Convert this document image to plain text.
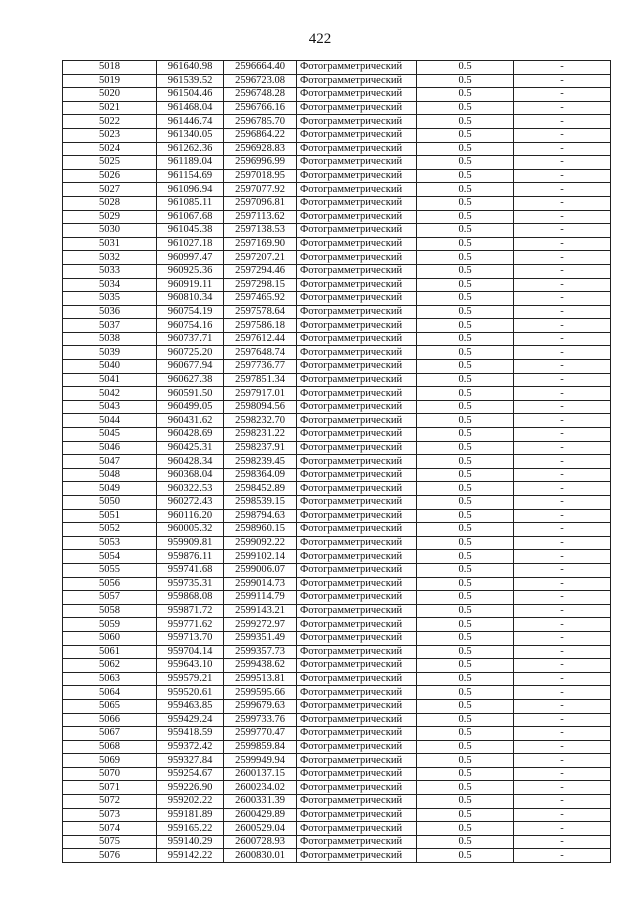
422
5018	961640.98	2596664.40	Фотограмметрический	0.5	-
5019	961539.52	2596723.08	Фотограмметрический	0.5	-
5020	961504.46	2596748.28	Фотограмметрический	0.5	-
5021	961468.04	2596766.16	Фотограмметрический	0.5	-
5022	961446.74	2596785.70	Фотограмметрический	0.5	-
5023	961340.05	2596864.22	Фотограмметрический	0.5	-
5024	961262.36	2596928.83	Фотограмметрический	0.5	-
5025	961189.04	2596996.99	Фотограмметрический	0.5	-
5026	961154.69	2597018.95	Фотограмметрический	0.5	-
5027	961096.94	2597077.92	Фотограмметрический	0.5	-
5028	961085.11	2597096.81	Фотограмметрический	0.5	-
5029	961067.68	2597113.62	Фотограмметрический	0.5	-
5030	961045.38	2597138.53	Фотограмметрический	0.5	-
5031	961027.18	2597169.90	Фотограмметрический	0.5	-
5032	960997.47	2597207.21	Фотограмметрический	0.5	-
5033	960925.36	2597294.46	Фотограмметрический	0.5	-
5034	960919.11	2597298.15	Фотограмметрический	0.5	-
5035	960810.34	2597465.92	Фотограмметрический	0.5	-
5036	960754.19	2597578.64	Фотограмметрический	0.5	-
5037	960754.16	2597586.18	Фотограмметрический	0.5	-
5038	960737.71	2597612.44	Фотограмметрический	0.5	-
5039	960725.20	2597648.74	Фотограмметрический	0.5	-
5040	960677.94	2597736.77	Фотограмметрический	0.5	-
5041	960627.38	2597851.34	Фотограмметрический	0.5	-
5042	960591.50	2597917.01	Фотограмметрический	0.5	-
5043	960499.05	2598094.56	Фотограмметрический	0.5	-
5044	960431.62	2598232.70	Фотограмметрический	0.5	-
5045	960428.69	2598231.22	Фотограмметрический	0.5	-
5046	960425.31	2598237.91	Фотограмметрический	0.5	-
5047	960428.34	2598239.45	Фотограмметрический	0.5	-
5048	960368.04	2598364.09	Фотограмметрический	0.5	-
5049	960322.53	2598452.89	Фотограмметрический	0.5	-
5050	960272.43	2598539.15	Фотограмметрический	0.5	-
5051	960116.20	2598794.63	Фотограмметрический	0.5	-
5052	960005.32	2598960.15	Фотограмметрический	0.5	-
5053	959909.81	2599092.22	Фотограмметрический	0.5	-
5054	959876.11	2599102.14	Фотограмметрический	0.5	-
5055	959741.68	2599006.07	Фотограмметрический	0.5	-
5056	959735.31	2599014.73	Фотограмметрический	0.5	-
5057	959868.08	2599114.79	Фотограмметрический	0.5	-
5058	959871.72	2599143.21	Фотограмметрический	0.5	-
5059	959771.62	2599272.97	Фотограмметрический	0.5	-
5060	959713.70	2599351.49	Фотограмметрический	0.5	-
5061	959704.14	2599357.73	Фотограмметрический	0.5	-
5062	959643.10	2599438.62	Фотограмметрический	0.5	-
5063	959579.21	2599513.81	Фотограмметрический	0.5	-
5064	959520.61	2599595.66	Фотограмметрический	0.5	-
5065	959463.85	2599679.63	Фотограмметрический	0.5	-
5066	959429.24	2599733.76	Фотограмметрический	0.5	-
5067	959418.59	2599770.47	Фотограмметрический	0.5	-
5068	959372.42	2599859.84	Фотограмметрический	0.5	-
5069	959327.84	2599949.94	Фотограмметрический	0.5	-
5070	959254.67	2600137.15	Фотограмметрический	0.5	-
5071	959226.90	2600234.02	Фотограмметрический	0.5	-
5072	959202.22	2600331.39	Фотограмметрический	0.5	-
5073	959181.89	2600429.89	Фотограмметрический	0.5	-
5074	959165.22	2600529.04	Фотограмметрический	0.5	-
5075	959140.29	2600728.93	Фотограмметрический	0.5	-
5076	959142.22	2600830.01	Фотограмметрический	0.5	-
